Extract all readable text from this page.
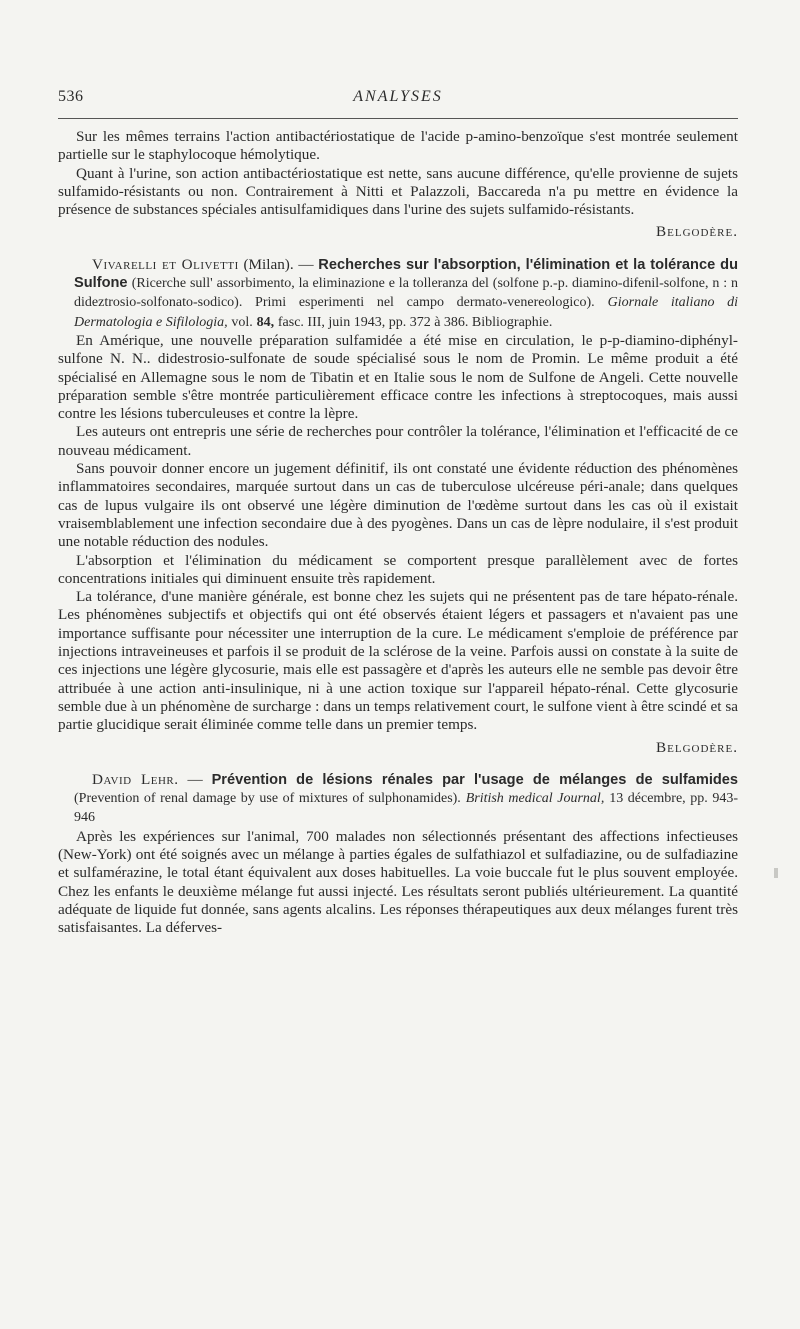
536	ANALYSES

Sur les mêmes terrains l'action antibactériostatique de l'acide p-amino-benzoïque s'est montrée seulement partielle sur le staphylocoque hémolytique.

Quant à l'urine, son action antibactériostatique est nette, sans aucune différence, qu'elle provienne de sujets sulfamido-résistants ou non. Contrairement à Nitti et Palazzoli, Baccareda n'a pu mettre en évidence la présence de substances spéciales antisulfamidiques dans l'urine des sujets sulfamido-résistants.

Belgodère.

Vivarelli et Olivetti (Milan). — Recherches sur l'absorption, l'élimination et la tolérance du Sulfone (Ricerche sull' assorbimento, la eliminazione e la tolleranza del (solfone p.-p. diamino-difenil-solfone, n : n dideztrosio-solfonato-sodico). Primi esperimenti nel campo dermato-venereologico). Giornale italiano di Dermatologia e Sifilologia, vol. 84, fasc. III, juin 1943, pp. 372 à 386. Bibliographie.

En Amérique, une nouvelle préparation sulfamidée a été mise en circulation, le p-p-diamino-diphényl-sulfone N. N.. didestrosio-sulfonate de soude spécialisé sous le nom de Promin. Le même produit a été spécialisé en Allemagne sous le nom de Tibatin et en Italie sous le nom de Sulfone de Angeli. Cette nouvelle préparation semble s'être montrée particulièrement efficace contre les infections à streptocoques, mais aussi contre les lésions tuberculeuses et contre la lèpre.

Les auteurs ont entrepris une série de recherches pour contrôler la tolérance, l'élimination et l'efficacité de ce nouveau médicament.

Sans pouvoir donner encore un jugement définitif, ils ont constaté une évidente réduction des phénomènes inflammatoires secondaires, marquée surtout dans un cas de tuberculose ulcéreuse péri-anale; dans quelques cas de lupus vulgaire ils ont observé une légère diminution de l'œdème surtout dans les cas où il existait vraisemblablement une infection secondaire due à des pyogènes. Dans un cas de lèpre nodulaire, il s'est produit une notable réduction des nodules.

L'absorption et l'élimination du médicament se comportent presque parallèlement avec de fortes concentrations initiales qui diminuent ensuite très rapidement.

La tolérance, d'une manière générale, est bonne chez les sujets qui ne présentent pas de tare hépato-rénale. Les phénomènes subjectifs et objectifs qui ont été observés étaient légers et passagers et n'avaient pas une importance suffisante pour nécessiter une interruption de la cure. Le médicament s'emploie de préférence par injections intraveineuses et parfois il se produit de la sclérose de la veine. Parfois aussi on constate à la suite de ces injections une légère glycosurie, mais elle est passagère et d'après les auteurs elle ne semble pas devoir être attribuée à une action anti-insulinique, ni à une action toxique sur l'appareil hépato-rénal. Cette glycosurie semble due à un phénomène de surcharge : dans un temps relativement court, le sulfone vient à être scindé et sa partie glucidique serait éliminée comme telle dans un premier temps.

Belgodère.

David Lehr. — Prévention de lésions rénales par l'usage de mélanges de sulfamides (Prevention of renal damage by use of mixtures of sulphonamides). British medical Journal, 13 décembre, pp. 943-946

Après les expériences sur l'animal, 700 malades non sélectionnés présentant des affections infectieuses (New-York) ont été soignés avec un mélange à parties égales de sulfathiazol et sulfadiazine, ou de sulfadiazine et sulfamérazine, le total étant équivalent aux doses habituelles. La voie buccale fut le plus souvent employée. Chez les enfants le deuxième mélange fut aussi injecté. Les résultats seront publiés ultérieurement. La quantité adéquate de liquide fut donnée, sans agents alcalins. Les réponses thérapeutiques aux deux mélanges furent très satisfaisantes. La déferves-
